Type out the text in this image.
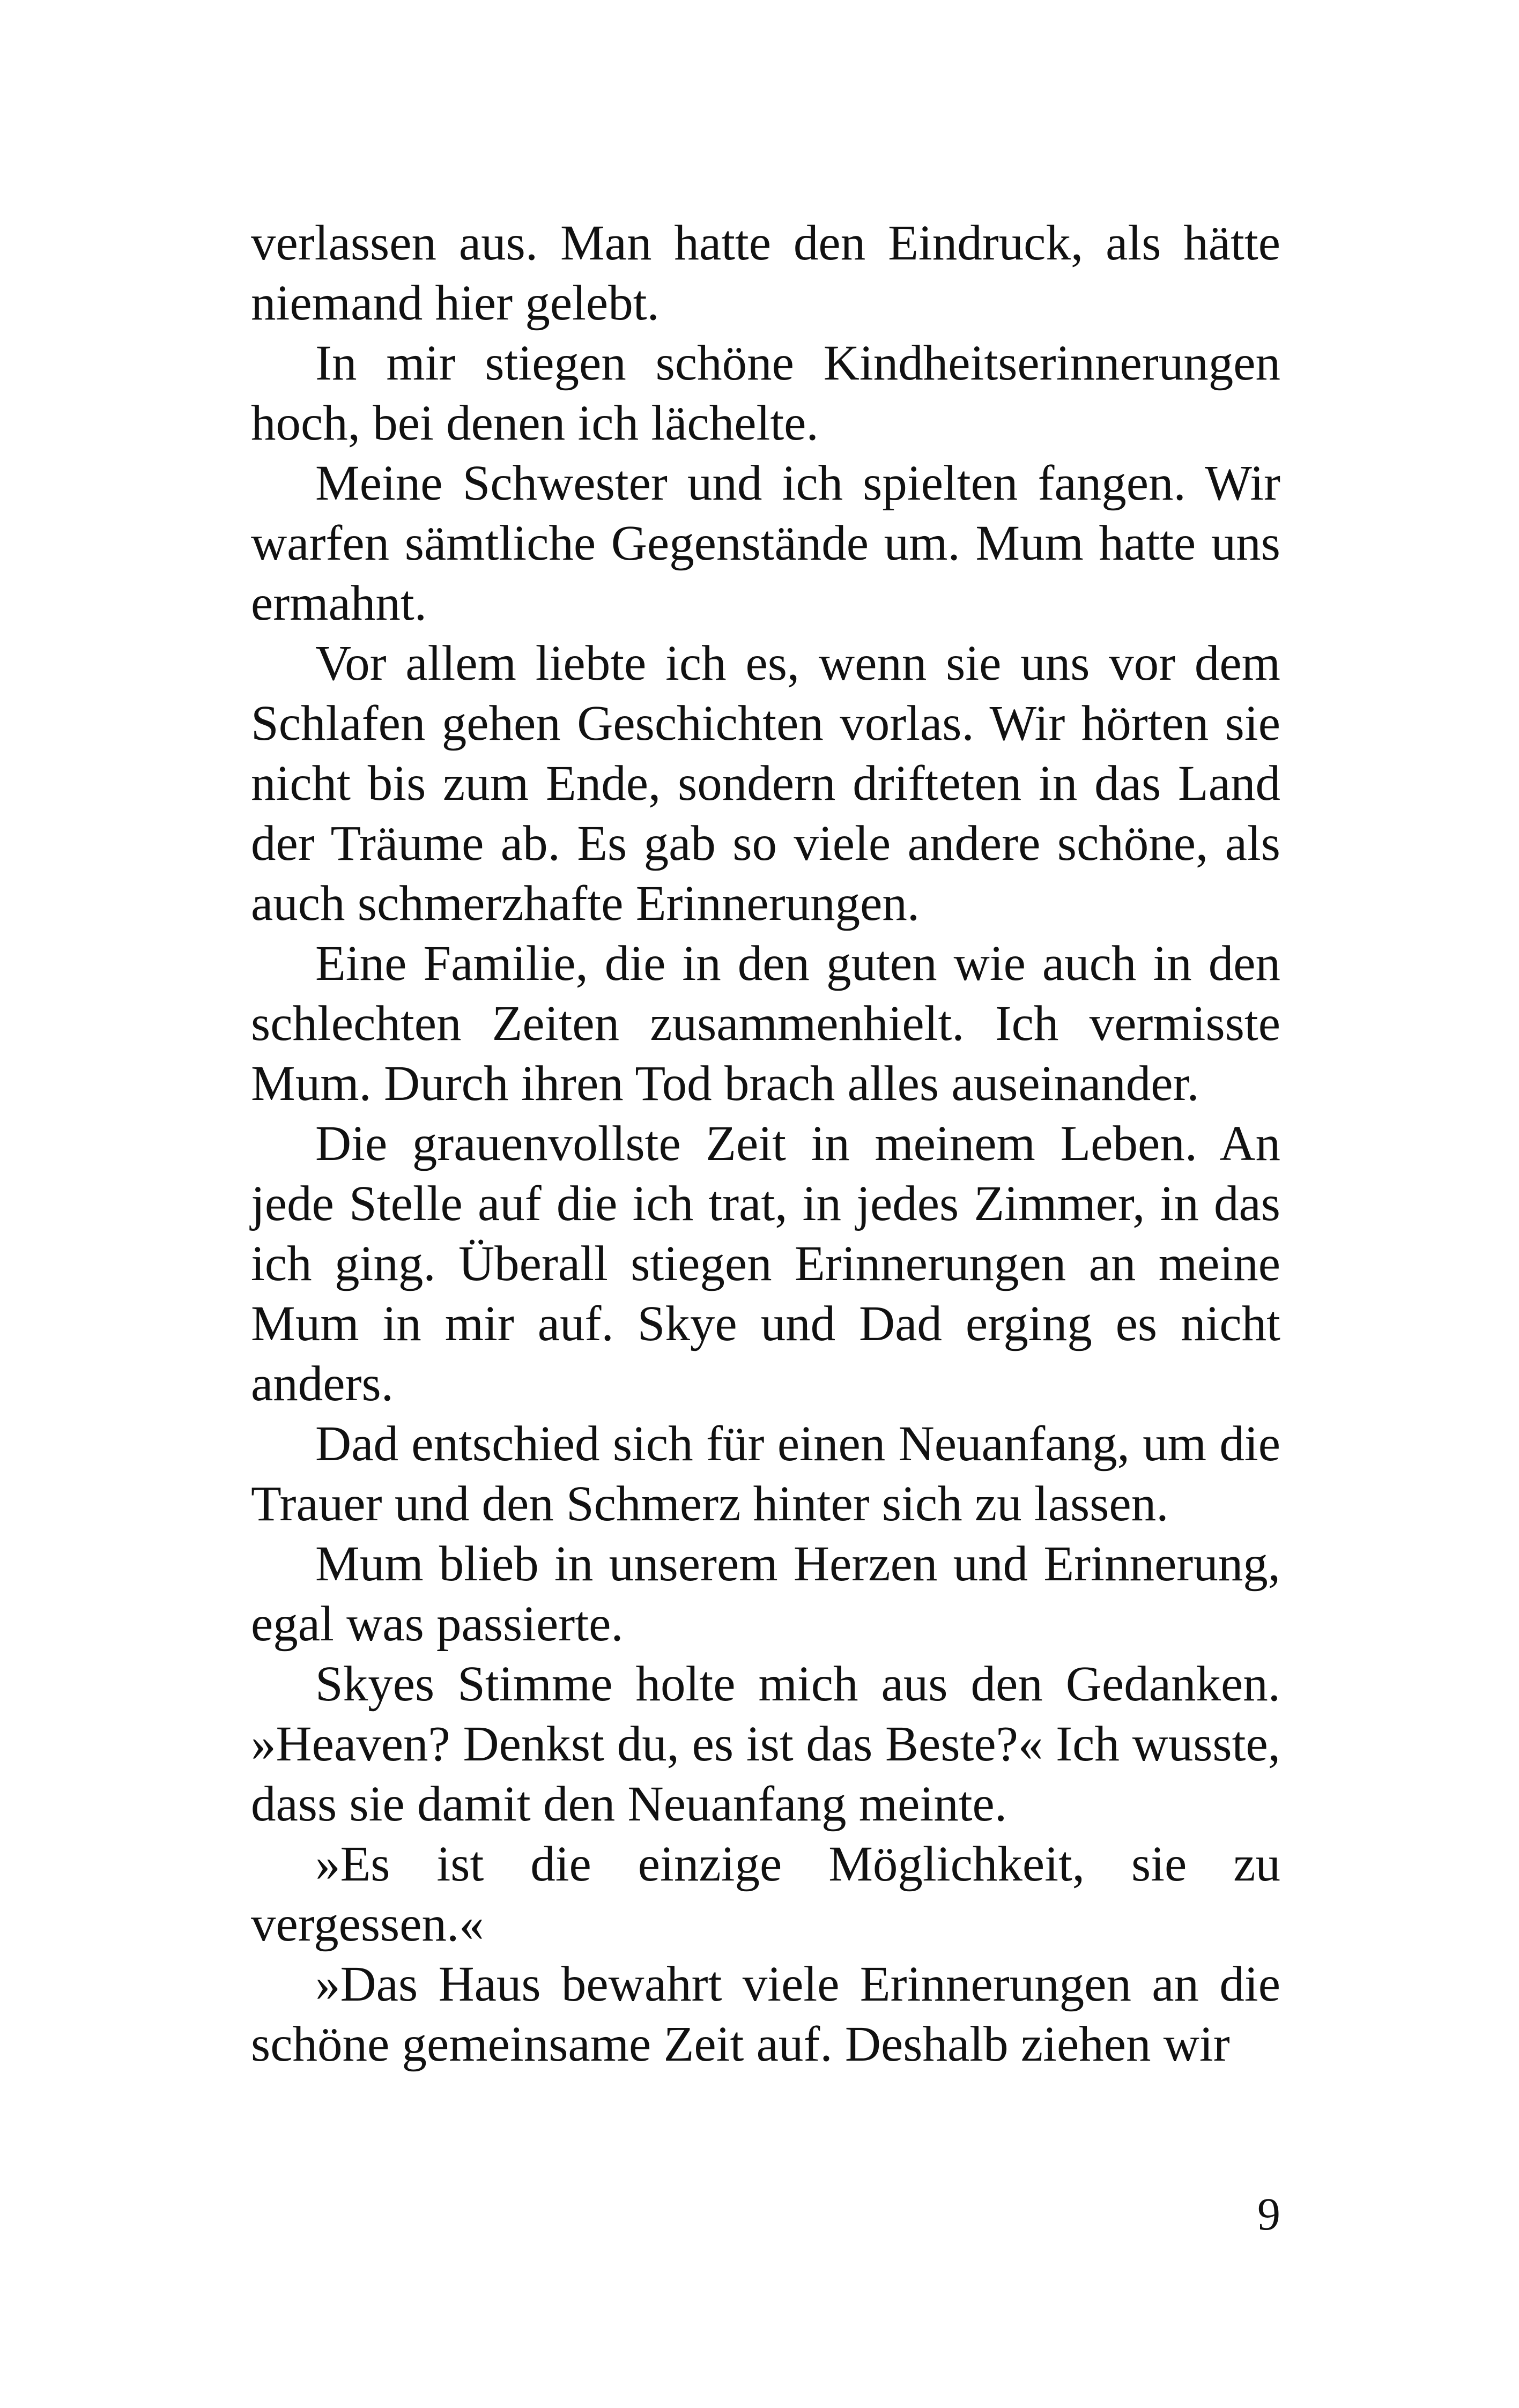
verlassen aus. Man hatte den Eindruck, als hätte niemand hier gelebt.

In mir stiegen schöne Kindheitserinnerungen hoch, bei denen ich lächelte.

Meine Schwester und ich spielten fangen. Wir warfen sämtliche Gegenstände um. Mum hatte uns ermahnt.

Vor allem liebte ich es, wenn sie uns vor dem Schlafen gehen Geschichten vorlas. Wir hörten sie nicht bis zum Ende, sondern drifteten in das Land der Träume ab. Es gab so viele andere schöne, als auch schmerzhafte Erinnerungen.

Eine Familie, die in den guten wie auch in den schlechten Zeiten zusammenhielt. Ich vermisste Mum. Durch ihren Tod brach alles auseinander.

Die grauenvollste Zeit in meinem Leben. An jede Stelle auf die ich trat, in jedes Zimmer, in das ich ging. Überall stiegen Erinnerungen an meine Mum in mir auf. Skye und Dad erging es nicht anders.

Dad entschied sich für einen Neuanfang, um die Trauer und den Schmerz hinter sich zu lassen.

Mum blieb in unserem Herzen und Erinnerung, egal was passierte.

Skyes Stimme holte mich aus den Gedanken. »Heaven? Denkst du, es ist das Beste?« Ich wusste, dass sie damit den Neuanfang meinte.

»Es ist die einzige Möglichkeit, sie zu vergessen.«

»Das Haus bewahrt viele Erinnerungen an die schöne gemeinsame Zeit auf. Deshalb ziehen wir

9
